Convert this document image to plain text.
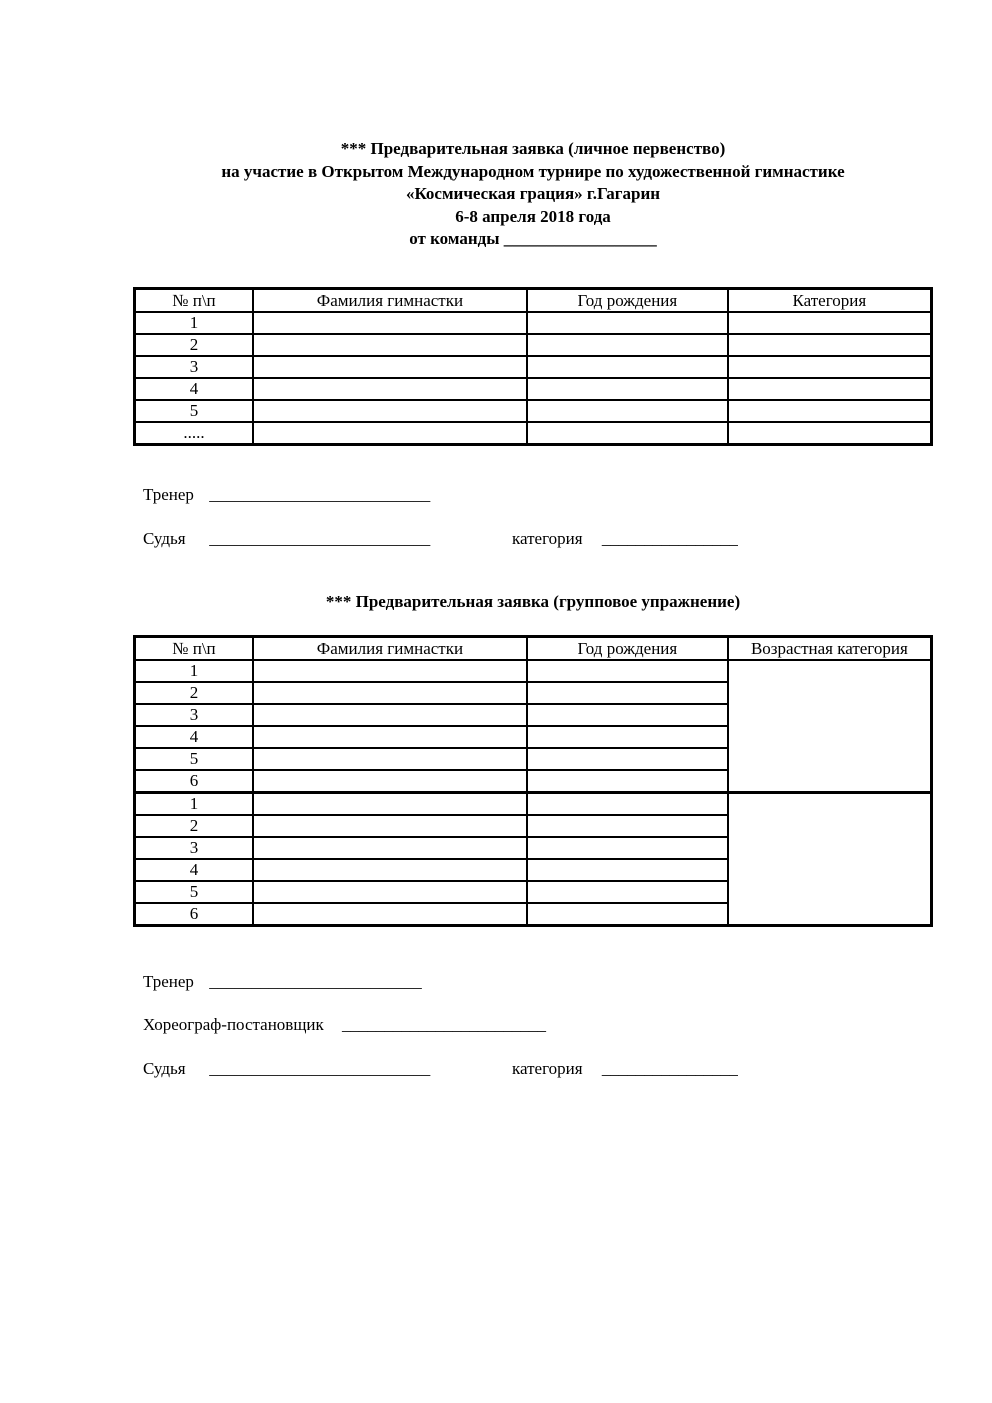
*** Предварительная заявка (личное первенство)
на участие в Открытом Международном турнире по художественной гимнастике
«Космическая грация» г.Гагарин
6-8 апреля 2018 года
от команды __________________
№ п\п	Фамилия гимнастки	Год рождения	Категория
1			
2			
3			
4			
5			
.....			
Тренер __________________________
Судья __________________________	категория ________________
*** Предварительная заявка (групповое упражнение)
№ п\п	Фамилия гимнастки	Год рождения	Возрастная категория
1			
2			
3			
4			
5			
6			
1			
2			
3			
4			
5			
6			
Тренер _________________________
Хореограф-постановщик ________________________
Судья __________________________	категория ________________
